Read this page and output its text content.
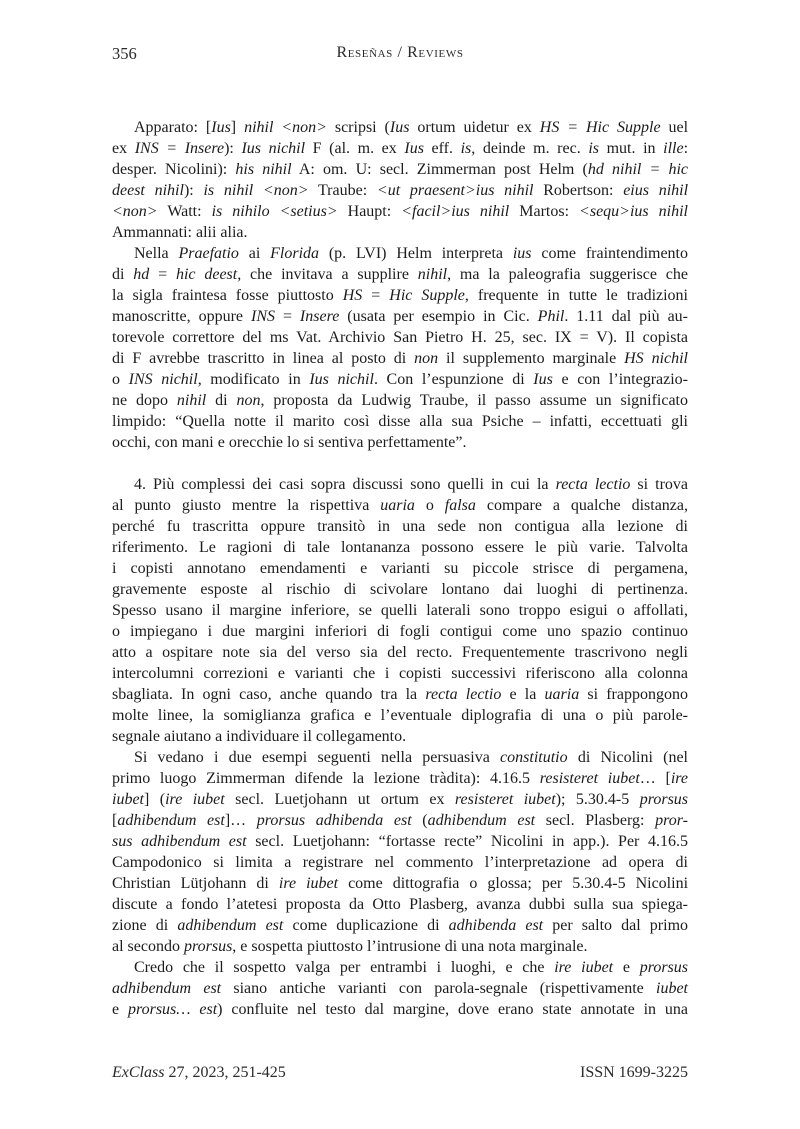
356	Reseñas / Reviews
Apparato: [Ius] nihil <non> scripsi (Ius ortum uidetur ex HS = Hic Supple uel
ex INS = Insere): Ius nichil F (al. m. ex Ius eff. is, deinde m. rec. is mut. in ille:
desper. Nicolini): his nihil A: om. U: secl. Zimmerman post Helm (hd nihil = hic
deest nihil): is nihil <non> Traube: <ut praesent>ius nihil Robertson: eius nihil
<non> Watt: is nihilo <setius> Haupt: <facil>ius nihil Martos: <sequ>ius nihil
Ammannati: alii alia.
Nella Praefatio ai Florida (p. LVI) Helm interpreta ius come fraintendimento
di hd = hic deest, che invitava a supplire nihil, ma la paleografia suggerisce che
la sigla fraintesa fosse piuttosto HS = Hic Supple, frequente in tutte le tradizioni
manoscritte, oppure INS = Insere (usata per esempio in Cic. Phil. 1.11 dal più au-
torevole correttore del ms Vat. Archivio San Pietro H. 25, sec. IX = V). Il copista
di F avrebbe trascritto in linea al posto di non il supplemento marginale HS nichil
o INS nichil, modificato in Ius nichil. Con l’espunzione di Ius e con l’integrazio-
ne dopo nihil di non, proposta da Ludwig Traube, il passo assume un significato
limpido: “Quella notte il marito così disse alla sua Psiche – infatti, eccettuati gli
occhi, con mani e orecchie lo si sentiva perfettamente”.
4. Più complessi dei casi sopra discussi sono quelli in cui la recta lectio si trova
al punto giusto mentre la rispettiva uaria o falsa compare a qualche distanza,
perché fu trascritta oppure transitò in una sede non contigua alla lezione di
riferimento. Le ragioni di tale lontananza possono essere le più varie. Talvolta
i copisti annotano emendamenti e varianti su piccole strisce di pergamena,
gravemente esposte al rischio di scivolare lontano dai luoghi di pertinenza.
Spesso usano il margine inferiore, se quelli laterali sono troppo esigui o affollati,
o impiegano i due margini inferiori di fogli contigui come uno spazio continuo
atto a ospitare note sia del verso sia del recto. Frequentemente trascrivono negli
intercolumni correzioni e varianti che i copisti successivi riferiscono alla colonna
sbagliata. In ogni caso, anche quando tra la recta lectio e la uaria si frappongono
molte linee, la somiglianza grafica e l’eventuale diplografia di una o più parole-
segnale aiutano a individuare il collegamento.
Si vedano i due esempi seguenti nella persuasiva constitutio di Nicolini (nel
primo luogo Zimmerman difende la lezione tràdita): 4.16.5 resisteret iubet… [ire
iubet] (ire iubet secl. Luetjohann ut ortum ex resisteret iubet); 5.30.4-5 prorsus
[adhibendum est]… prorsus adhibenda est (adhibendum est secl. Plasberg: pror-
sus adhibendum est secl. Luetjohann: “fortasse recte” Nicolini in app.). Per 4.16.5
Campodonico si limita a registrare nel commento l’interpretazione ad opera di
Christian Lütjohann di ire iubet come dittografia o glossa; per 5.30.4-5 Nicolini
discute a fondo l’atetesi proposta da Otto Plasberg, avanza dubbi sulla sua spiega-
zione di adhibendum est come duplicazione di adhibenda est per salto dal primo
al secondo prorsus, e sospetta piuttosto l’intrusione di una nota marginale.
Credo che il sospetto valga per entrambi i luoghi, e che ire iubet e prorsus
adhibendum est siano antiche varianti con parola-segnale (rispettivamente iubet
e prorsus… est) confluite nel testo dal margine, dove erano state annotate in una
ExClass 27, 2023, 251-425	ISSN 1699-3225
